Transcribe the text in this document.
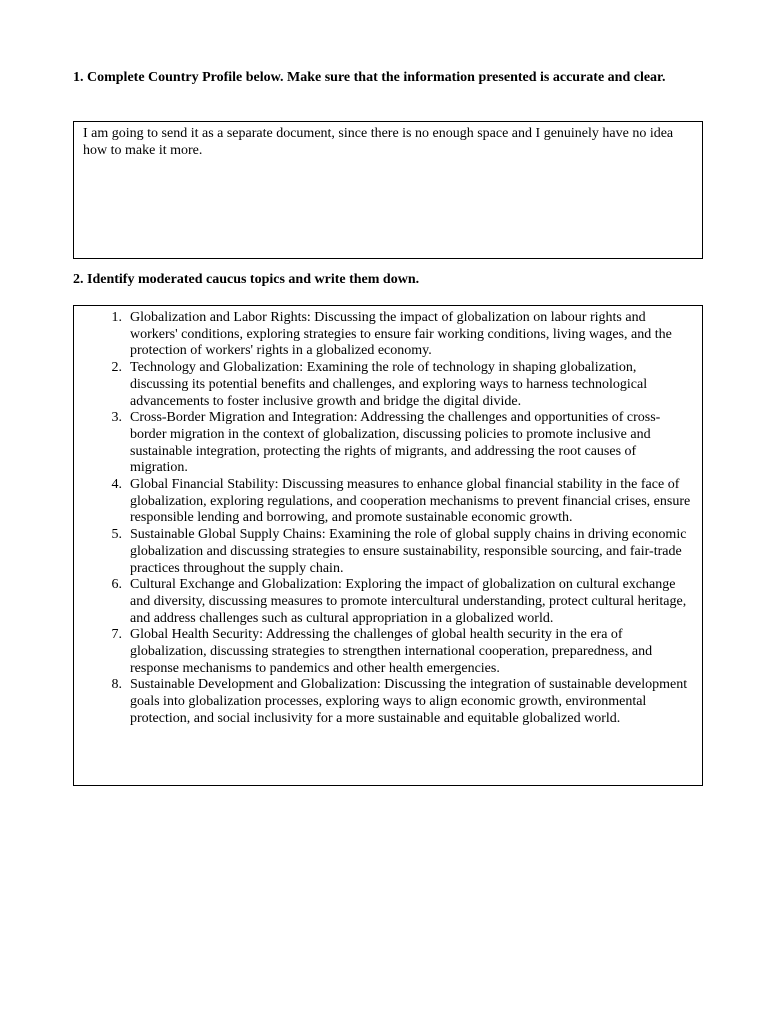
1. Complete Country Profile below. Make sure that the information presented is accurate and clear.
I am going to send it as a separate document, since there is no enough space and I genuinely have no idea how to make it more.
2. Identify moderated caucus topics and write them down.
1. Globalization and Labor Rights: Discussing the impact of globalization on labour rights and workers' conditions, exploring strategies to ensure fair working conditions, living wages, and the protection of workers' rights in a globalized economy.
2. Technology and Globalization: Examining the role of technology in shaping globalization, discussing its potential benefits and challenges, and exploring ways to harness technological advancements to foster inclusive growth and bridge the digital divide.
3. Cross-Border Migration and Integration: Addressing the challenges and opportunities of cross-border migration in the context of globalization, discussing policies to promote inclusive and sustainable integration, protecting the rights of migrants, and addressing the root causes of migration.
4. Global Financial Stability: Discussing measures to enhance global financial stability in the face of globalization, exploring regulations, and cooperation mechanisms to prevent financial crises, ensure responsible lending and borrowing, and promote sustainable economic growth.
5. Sustainable Global Supply Chains: Examining the role of global supply chains in driving economic globalization and discussing strategies to ensure sustainability, responsible sourcing, and fair-trade practices throughout the supply chain.
6. Cultural Exchange and Globalization: Exploring the impact of globalization on cultural exchange and diversity, discussing measures to promote intercultural understanding, protect cultural heritage, and address challenges such as cultural appropriation in a globalized world.
7. Global Health Security: Addressing the challenges of global health security in the era of globalization, discussing strategies to strengthen international cooperation, preparedness, and response mechanisms to pandemics and other health emergencies.
8. Sustainable Development and Globalization: Discussing the integration of sustainable development goals into globalization processes, exploring ways to align economic growth, environmental protection, and social inclusivity for a more sustainable and equitable globalized world.
